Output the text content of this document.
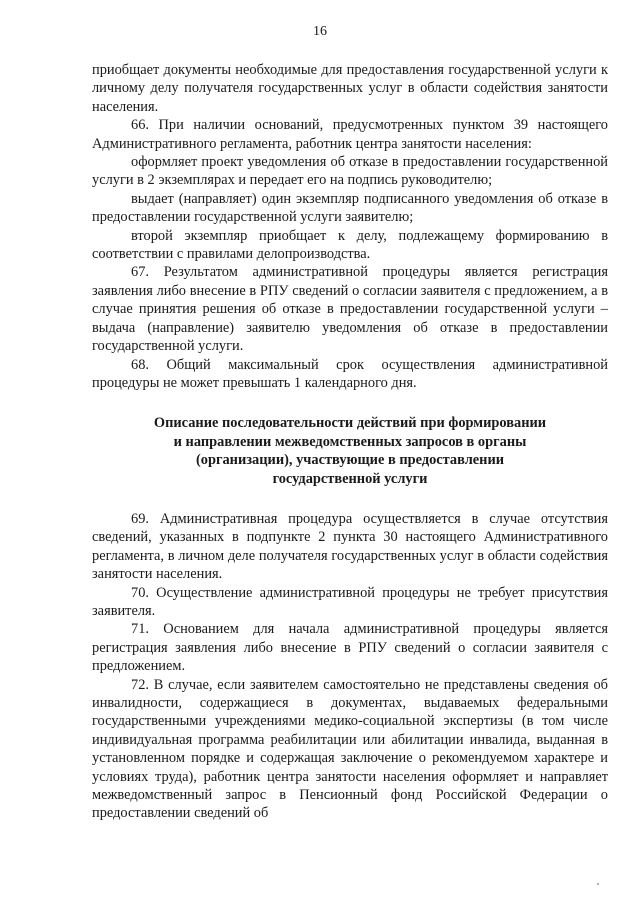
16

приобщает документы необходимые для предоставления государственной услуги к личному делу получателя государственных услуг в области содействия занятости населения.

66. При наличии оснований, предусмотренных пунктом 39 настоящего Административного регламента, работник центра занятости населения:

оформляет проект уведомления об отказе в предоставлении государственной услуги в 2 экземплярах и передает его на подпись руководителю;

выдает (направляет) один экземпляр подписанного уведомления об отказе в предоставлении государственной услуги заявителю;

второй экземпляр приобщает к делу, подлежащему формированию в соответствии с правилами делопроизводства.

67. Результатом административной процедуры является регистрация заявления либо внесение в РПУ сведений о согласии заявителя с предложением, а в случае принятия решения об отказе в предоставлении государственной услуги – выдача (направление) заявителю уведомления об отказе в предоставлении государственной услуги.

68. Общий максимальный срок осуществления административной процедуры не может превышать 1 календарного дня.

Описание последовательности действий при формировании
и направлении межведомственных запросов в органы
(организации), участвующие в предоставлении
государственной услуги

69. Административная процедура осуществляется в случае отсутствия сведений, указанных в подпункте 2 пункта 30 настоящего Административного регламента, в личном деле получателя государственных услуг в области содействия занятости населения.

70. Осуществление административной процедуры не требует присутствия заявителя.

71. Основанием для начала административной процедуры является регистрация заявления либо внесение в РПУ сведений о согласии заявителя с предложением.

72. В случае, если заявителем самостоятельно не представлены сведения об инвалидности, содержащиеся в документах, выдаваемых федеральными государственными учреждениями медико-социальной экспертизы (в том числе индивидуальная программа реабилитации или абилитации инвалида, выданная в установленном порядке и содержащая заключение о рекомендуемом характере и условиях труда), работник центра занятости населения оформляет и направляет межведомственный запрос в Пенсионный фонд Российской Федерации о предоставлении сведений об
